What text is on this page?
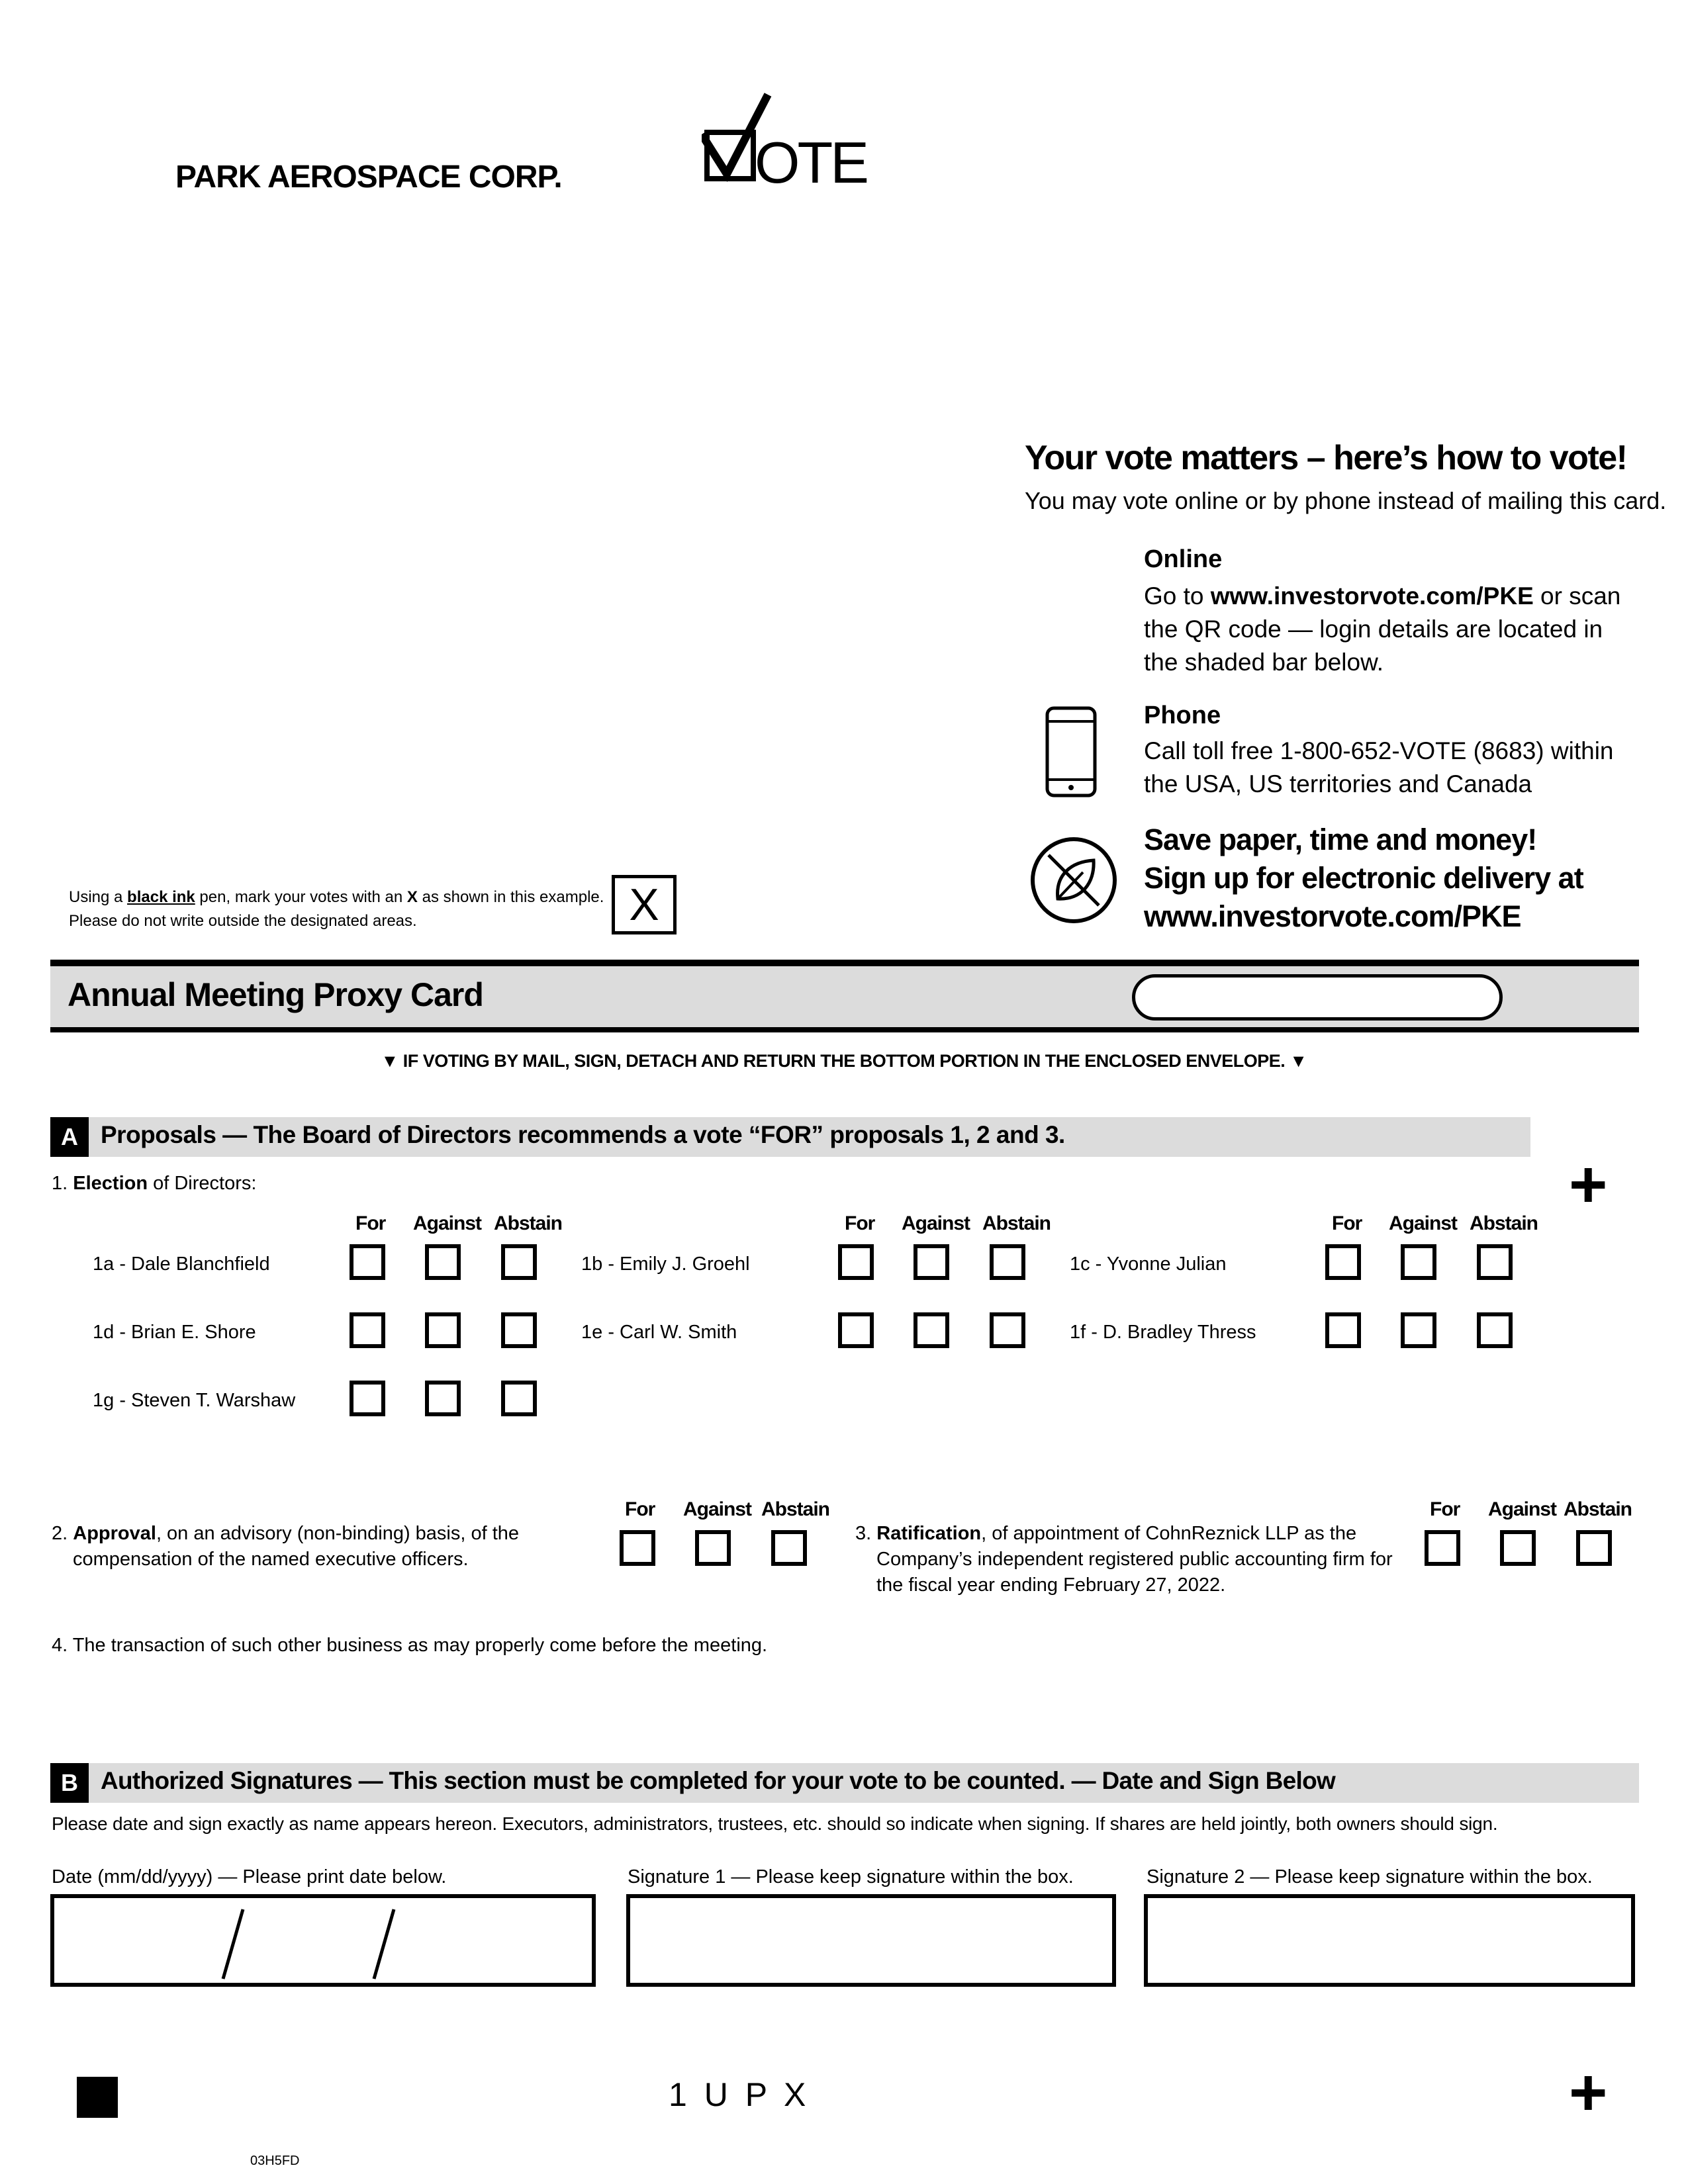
PARK AEROSPACE CORP.	OTE
Your vote matters – here’s how to vote!
You may vote online or by phone instead of mailing this card.
Online
Go to www.investorvote.com/PKE or scan
the QR code — login details are located in
the shaded bar below.
Phone
Call toll free 1-800-652-VOTE (8683) within
the USA, US territories and Canada
Save paper, time and money!
Sign up for electronic delivery at
www.investorvote.com/PKE
Using a black ink pen, mark your votes with an X as shown in this example.
Please do not write outside the designated areas.	X
Annual Meeting Proxy Card
▼ IF VOTING BY MAIL, SIGN, DETACH AND RETURN THE BOTTOM PORTION IN THE ENCLOSED ENVELOPE. ▼
A Proposals — The Board of Directors recommends a vote “FOR” proposals 1, 2 and 3.
+
1. Election of Directors:
For Against Abstain	For Against Abstain	For Against Abstain
1a - Dale Blanchfield	1b - Emily J. Groehl	1c - Yvonne Julian
1d - Brian E. Shore	1e - Carl W. Smith	1f - D. Bradley Thress
1g - Steven T. Warshaw
2. Approval, on an advisory (non-binding) basis, of the
compensation of the named executive officers.
For Against Abstain
3. Ratification, of appointment of CohnReznick LLP as the
Company’s independent registered public accounting firm for
the fiscal year ending February 27, 2022.
For Against Abstain
4. The transaction of such other business as may properly come before the meeting.
B Authorized Signatures — This section must be completed for your vote to be counted. — Date and Sign Below
Please date and sign exactly as name appears hereon. Executors, administrators, trustees, etc. should so indicate when signing. If shares are held jointly, both owners should sign.
Date (mm/dd/yyyy) — Please print date below.	Signature 1 — Please keep signature within the box.	Signature 2 — Please keep signature within the box.
1 U P X	+
03H5FD
